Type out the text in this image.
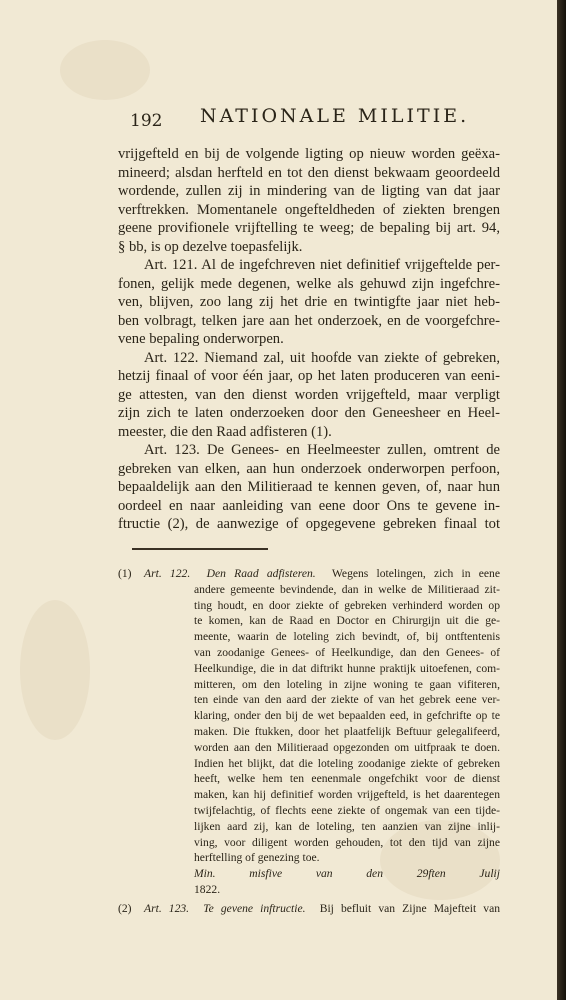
192 NATIONALE MILITIE.
vrijgefteld en bij de volgende ligting op nieuw worden geëxa-
mineerd; alsdan herfteld en tot den dienst bekwaam geoordeeld
wordende, zullen zij in mindering van de ligting van dat jaar
verftrekken. Momentanele ongefteldheden of ziekten brengen
geene provifionele vrijftelling te weeg; de bepaling bij art. 94,
§ bb, is op dezelve toepasfelijk.
Art. 121. Al de ingefchreven niet definitief vrijgeftelde per-
fonen, gelijk mede degenen, welke als gehuwd zijn ingefchre-
ven, blijven, zoo lang zij het drie en twintigfte jaar niet heb-
ben volbragt, telken jare aan het onderzoek, en de voorgefchre-
vene bepaling onderworpen.
Art. 122. Niemand zal, uit hoofde van ziekte of gebreken,
hetzij finaal of voor één jaar, op het laten produceren van eeni-
ge attesten, van den dienst worden vrijgefteld, maar verpligt
zijn zich te laten onderzoeken door den Geneesheer en Heel-
meester, die den Raad adfisteren (1).
Art. 123. De Genees- en Heelmeester zullen, omtrent de
gebreken van elken, aan hun onderzoek onderworpen perfoon,
bepaaldelijk aan den Militieraad te kennen geven, of, naar hun
oordeel en naar aanleiding van eene door Ons te gevene in-
ftructie (2), de aanwezige of opgegevene gebreken finaal tot
(1) Art. 122. Den Raad adfisteren. Wegens lotelingen, zich in eene
andere gemeente bevindende, dan in welke de Militieraad zit-
ting houdt, en door ziekte of gebreken verhinderd worden op
te komen, kan de Raad en Doctor en Chirurgijn uit die ge-
meente, waarin de loteling zich bevindt, of, bij ontftentenis
van zoodanige Genees- of Heelkundige, dan den Genees- of
Heelkundige, die in dat diftrikt hunne praktijk uitoefenen, com-
mitteren, om den loteling in zijne woning te gaan vifiteren,
ten einde van den aard der ziekte of van het gebrek eene ver-
klaring, onder den bij de wet bepaalden eed, in gefchrifte op te
maken. Die ftukken, door het plaatfelijk Beftuur gelegalifeerd,
worden aan den Militieraad opgezonden om uitfpraak te doen.
Indien het blijkt, dat die loteling zoodanige ziekte of gebreken
heeft, welke hem ten eenenmale ongefchikt voor de dienst
maken, kan hij definitief worden vrijgefteld, is het daarentegen
twijfelachtig, of flechts eene ziekte of ongemak van een tijde-
lijken aard zij, kan de loteling, ten aanzien van zijne inlij-
ving, voor diligent worden gehouden, tot den tijd van zijne
herftelling of genezing toe.
Min. misfive van den 29ften Julij
1822.
(2) Art. 123. Te gevene inftructie. Bij befluit van Zijne Majefteit van
